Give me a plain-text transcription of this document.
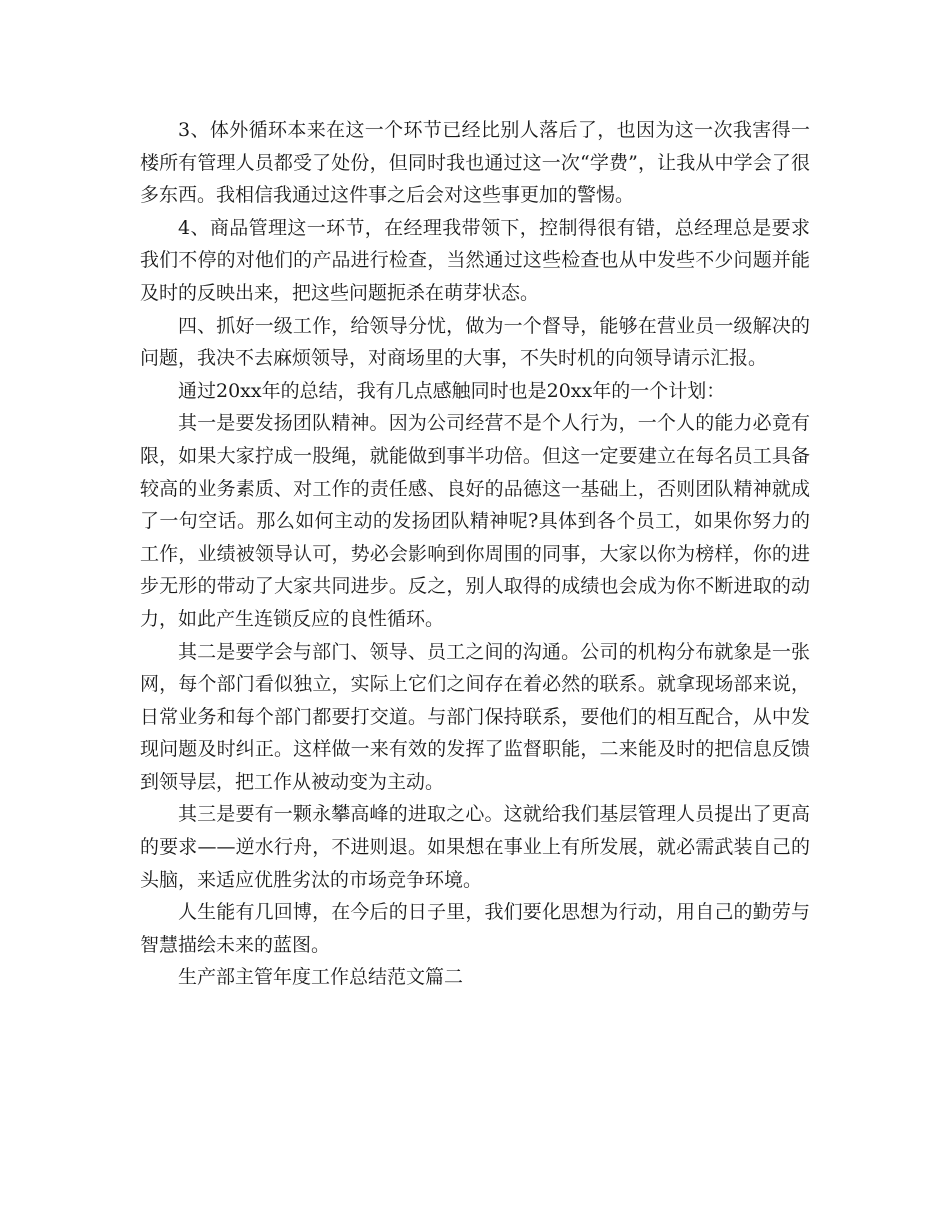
3、体外循环本来在这一个环节已经比别人落后了，也因为这一次我害得一楼所有管理人员都受了处份，但同时我也通过这一次“学费”，让我从中学会了很多东西。我相信我通过这件事之后会对这些事更加的警惕。

4、商品管理这一环节，在经理我带领下，控制得很有错，总经理总是要求我们不停的对他们的产品进行检查，当然通过这些检查也从中发些不少问题并能及时的反映出来，把这些问题扼杀在萌芽状态。

四、抓好一级工作，给领导分忧，做为一个督导，能够在营业员一级解决的问题，我决不去麻烦领导，对商场里的大事，不失时机的向领导请示汇报。

通过20xx年的总结，我有几点感触同时也是20xx年的一个计划：

其一是要发扬团队精神。因为公司经营不是个人行为，一个人的能力必竟有限，如果大家拧成一股绳，就能做到事半功倍。但这一定要建立在每名员工具备较高的业务素质、对工作的责任感、良好的品德这一基础上，否则团队精神就成了一句空话。那么如何主动的发扬团队精神呢?具体到各个员工，如果你努力的工作，业绩被领导认可，势必会影响到你周围的同事，大家以你为榜样，你的进步无形的带动了大家共同进步。反之，别人取得的成绩也会成为你不断进取的动力，如此产生连锁反应的良性循环。

其二是要学会与部门、领导、员工之间的沟通。公司的机构分布就象是一张网，每个部门看似独立，实际上它们之间存在着必然的联系。就拿现场部来说，日常业务和每个部门都要打交道。与部门保持联系，要他们的相互配合，从中发现问题及时纠正。这样做一来有效的发挥了监督职能，二来能及时的把信息反馈到领导层，把工作从被动变为主动。

其三是要有一颗永攀高峰的进取之心。这就给我们基层管理人员提出了更高的要求——逆水行舟，不进则退。如果想在事业上有所发展，就必需武装自己的头脑，来适应优胜劣汰的市场竞争环境。

人生能有几回博，在今后的日子里，我们要化思想为行动，用自己的勤劳与智慧描绘未来的蓝图。

生产部主管年度工作总结范文篇二
